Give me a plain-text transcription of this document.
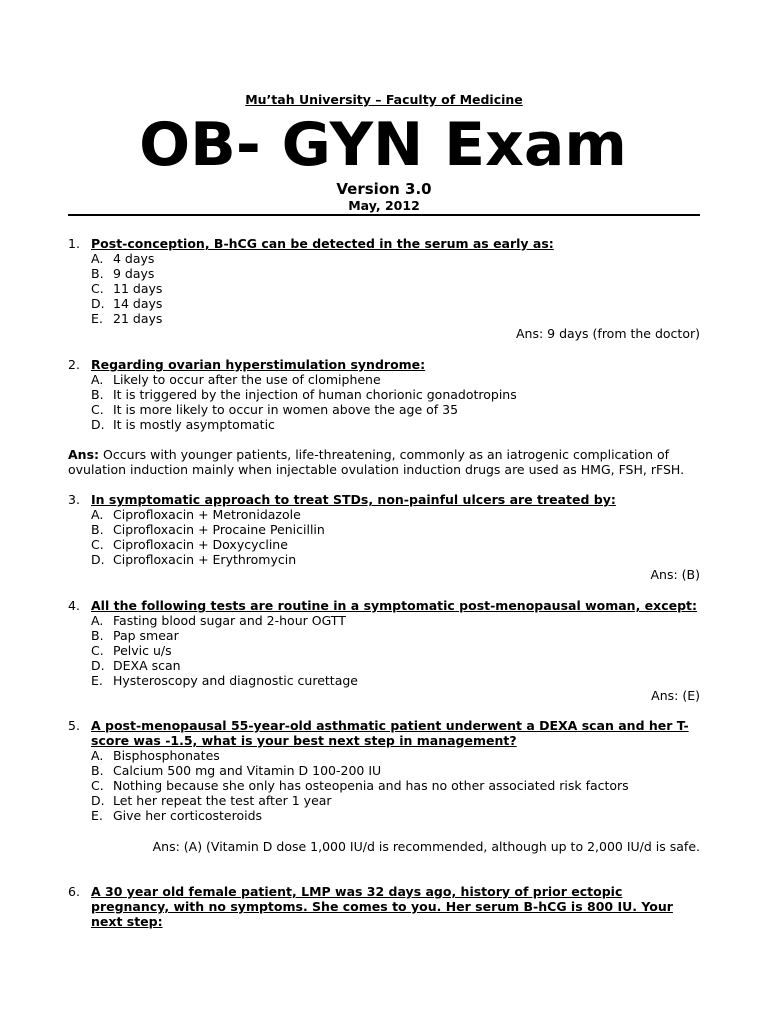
Mu’tah University – Faculty of Medicine
OB- GYN Exam
Version 3.0
May, 2012
1. Post-conception, B-hCG can be detected in the serum as early as:
A. 4 days
B. 9 days
C. 11 days
D. 14 days
E. 21 days
Ans: 9 days (from the doctor)
2. Regarding ovarian hyperstimulation syndrome:
A. Likely to occur after the use of clomiphene
B. It is triggered by the injection of human chorionic gonadotropins
C. It is more likely to occur in women above the age of 35
D. It is mostly asymptomatic
Ans: Occurs with younger patients, life-threatening, commonly as an iatrogenic complication of ovulation induction mainly when injectable ovulation induction drugs are used as HMG, FSH, rFSH.
3. In symptomatic approach to treat STDs, non-painful ulcers are treated by:
A. Ciprofloxacin + Metronidazole
B. Ciprofloxacin + Procaine Penicillin
C. Ciprofloxacin + Doxycycline
D. Ciprofloxacin + Erythromycin
Ans: (B)
4. All the following tests are routine in a symptomatic post-menopausal woman, except:
A. Fasting blood sugar and 2-hour OGTT
B. Pap smear
C. Pelvic u/s
D. DEXA scan
E. Hysteroscopy and diagnostic curettage
Ans: (E)
5. A post-menopausal 55-year-old asthmatic patient underwent a DEXA scan and her T-
score was -1.5, what is your best next step in management?
A. Bisphosphonates
B. Calcium 500 mg and Vitamin D 100-200 IU
C. Nothing because she only has osteopenia and has no other associated risk factors
D. Let her repeat the test after 1 year
E. Give her corticosteroids
Ans: (A) (Vitamin D dose 1,000 IU/d is recommended, although up to 2,000 IU/d is safe.
6. A 30 year old female patient, LMP was 32 days ago, history of prior ectopic
pregnancy, with no symptoms. She comes to you. Her serum B-hCG is 800 IU. Your
next step:
